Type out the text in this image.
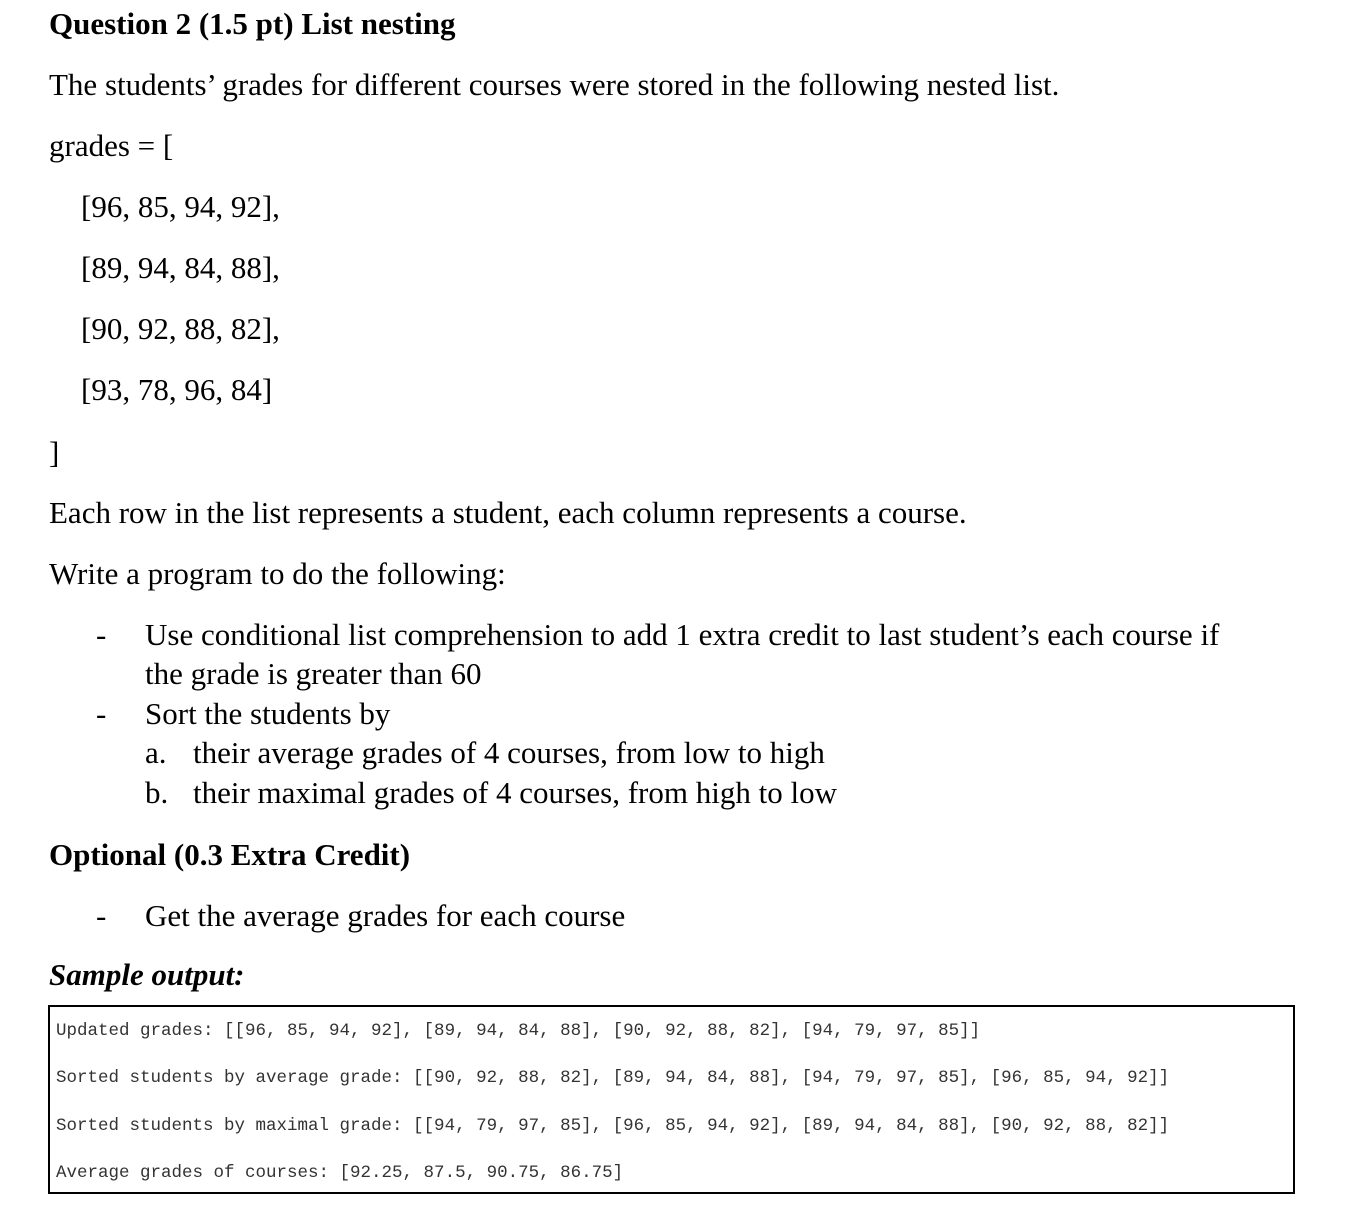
Question 2 (1.5 pt) List nesting
The students’ grades for different courses were stored in the following nested list.
grades = [
[96, 85, 94, 92],
[89, 94, 84, 88],
[90, 92, 88, 82],
[93, 78, 96, 84]
]
Each row in the list represents a student, each column represents a course.
Write a program to do the following:
- Use conditional list comprehension to add 1 extra credit to last student’s each course if
the grade is greater than 60
- Sort the students by
a. their average grades of 4 courses, from low to high
b. their maximal grades of 4 courses, from high to low
Optional (0.3 Extra Credit)
- Get the average grades for each course
Sample output:
Updated grades: [[96, 85, 94, 92], [89, 94, 84, 88], [90, 92, 88, 82], [94, 79, 97, 85]]
Sorted students by average grade: [[90, 92, 88, 82], [89, 94, 84, 88], [94, 79, 97, 85], [96, 85, 94, 92]]
Sorted students by maximal grade: [[94, 79, 97, 85], [96, 85, 94, 92], [89, 94, 84, 88], [90, 92, 88, 82]]
Average grades of courses: [92.25, 87.5, 90.75, 86.75]
